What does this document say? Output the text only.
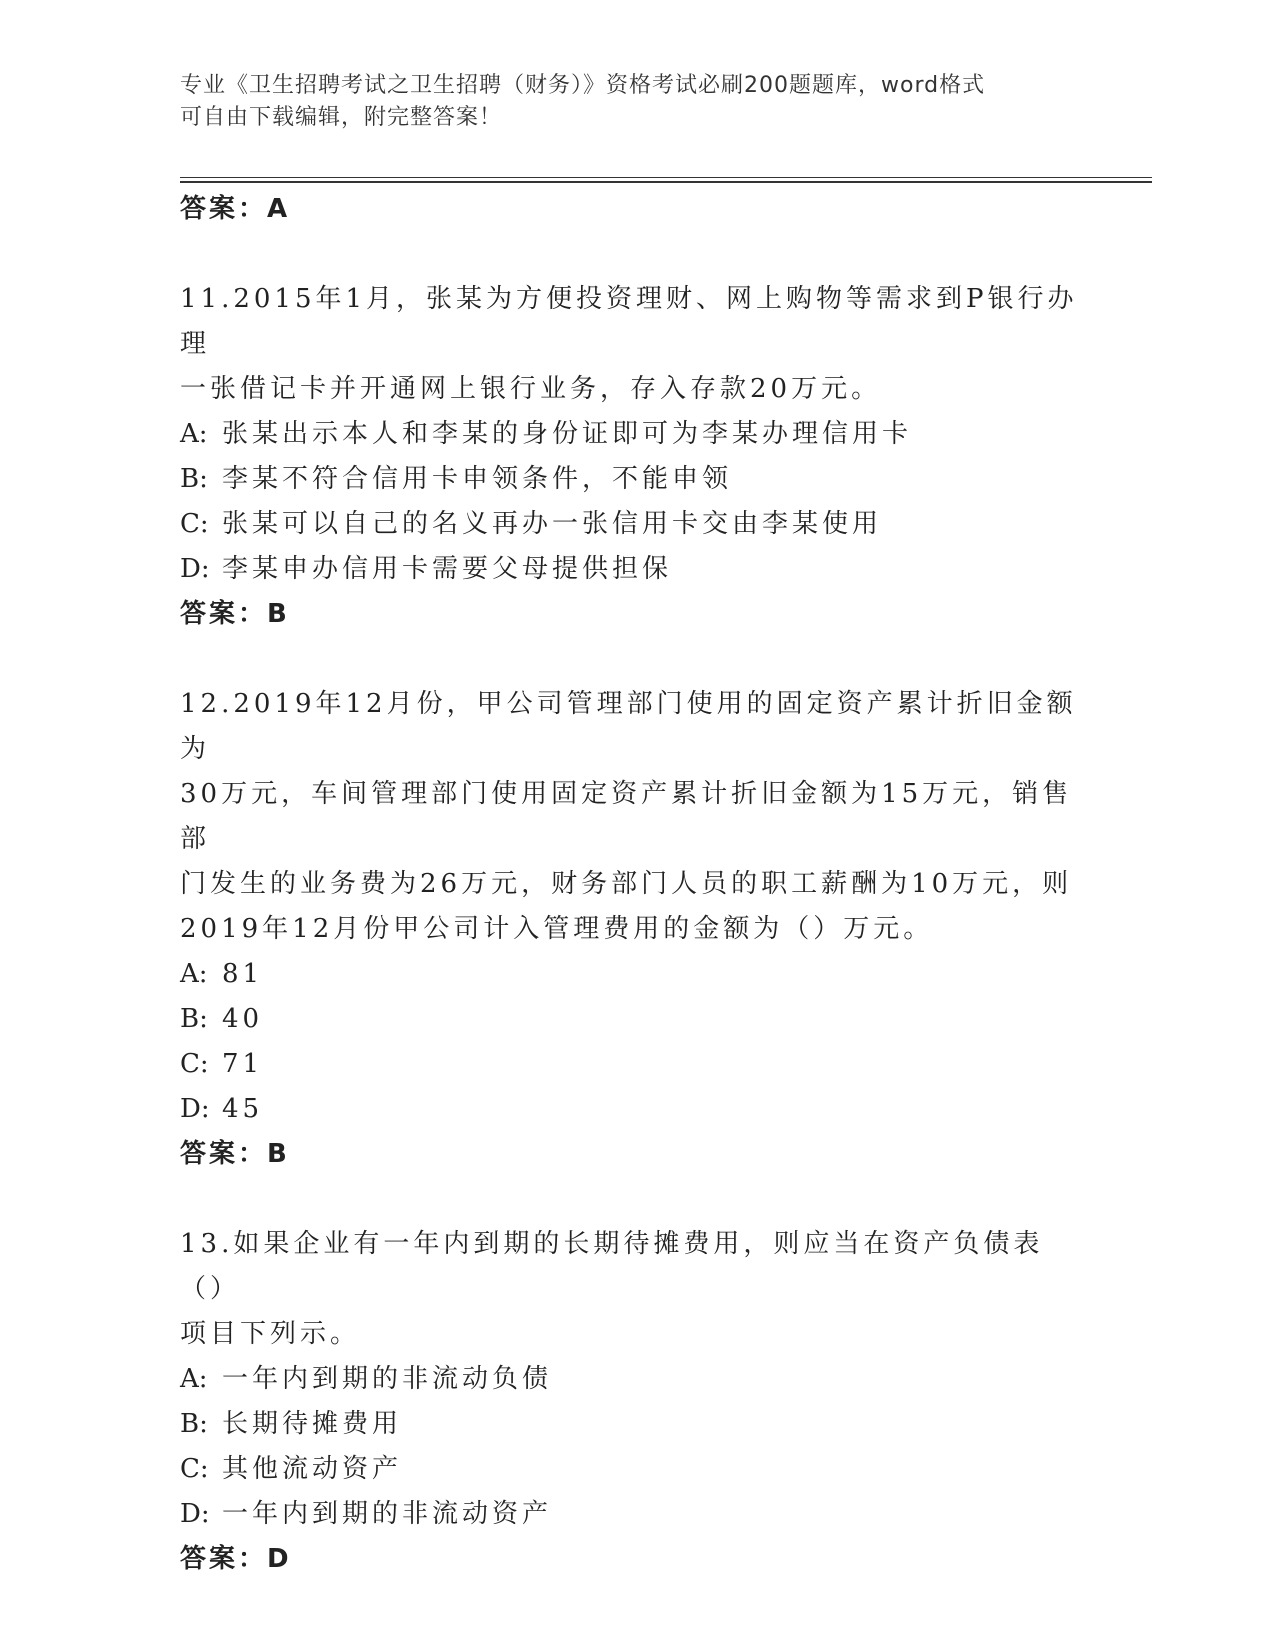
专业《卫生招聘考试之卫生招聘（财务）》资格考试必刷200题题库，word格式
可自由下载编辑，附完整答案！
答案：A
11.2015年1月，张某为方便投资理财、网上购物等需求到P银行办理
一张借记卡并开通网上银行业务，存入存款20万元。
A: 张某出示本人和李某的身份证即可为李某办理信用卡
B: 李某不符合信用卡申领条件，不能申领
C: 张某可以自己的名义再办一张信用卡交由李某使用
D: 李某申办信用卡需要父母提供担保
答案：B
12.2019年12月份，甲公司管理部门使用的固定资产累计折旧金额为
30万元，车间管理部门使用固定资产累计折旧金额为15万元，销售部
门发生的业务费为26万元，财务部门人员的职工薪酬为10万元，则
2019年12月份甲公司计入管理费用的金额为（）万元。
A: 81
B: 40
C: 71
D: 45
答案：B
13.如果企业有一年内到期的长期待摊费用，则应当在资产负债表（）
项目下列示。
A: 一年内到期的非流动负债
B: 长期待摊费用
C: 其他流动资产
D: 一年内到期的非流动资产
答案：D
